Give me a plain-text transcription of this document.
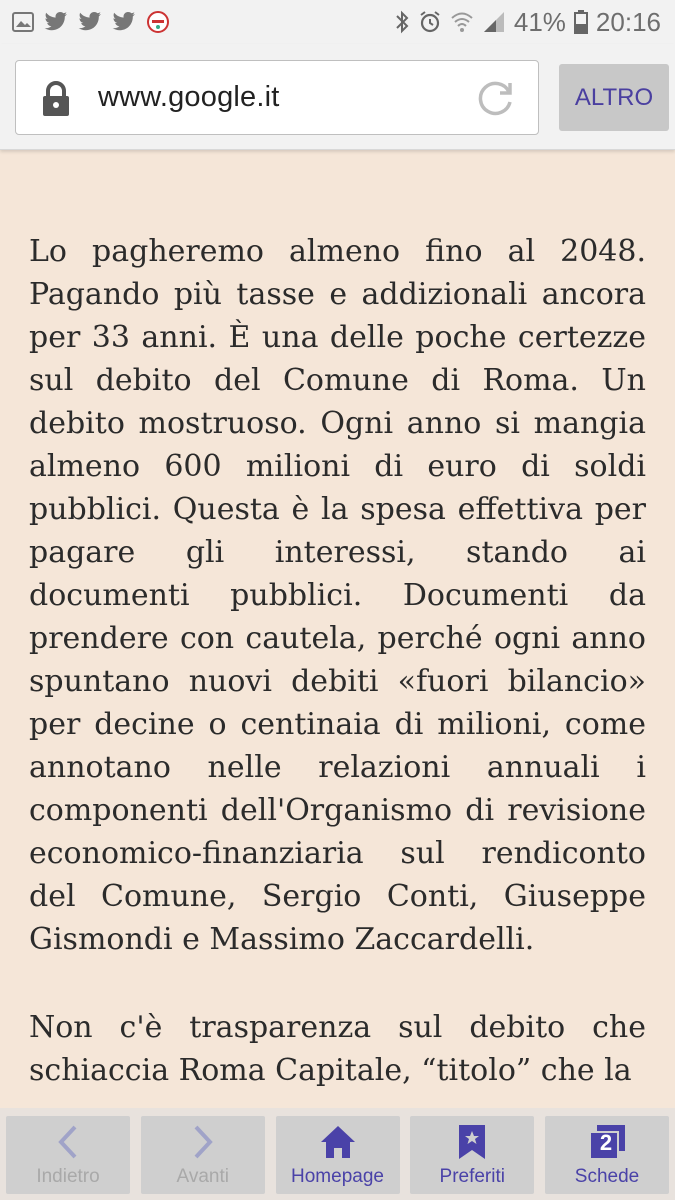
41% 20:16
www.google.it	ALTRO

Lo pagheremo almeno fino al 2048. Pagando più tasse e addizionali ancora per 33 anni. È una delle poche certezze sul debito del Comune di Roma. Un debito mostruoso. Ogni anno si mangia almeno 600 milioni di euro di soldi pubblici. Questa è la spesa effettiva per pagare gli interessi, stando ai documenti pubblici. Documenti da prendere con cautela, perché ogni anno spuntano nuovi debiti «fuori bilancio» per decine o centinaia di milioni, come annotano nelle relazioni annuali i componenti dell'Organismo di revisione economico-finanziaria sul rendiconto del Comune, Sergio Conti, Giuseppe Gismondi e Massimo Zaccardelli.

Non c'è trasparenza sul debito che schiaccia Roma Capitale, “titolo” che la

Indietro	Avanti	Homepage	Preferiti
2
Schede
